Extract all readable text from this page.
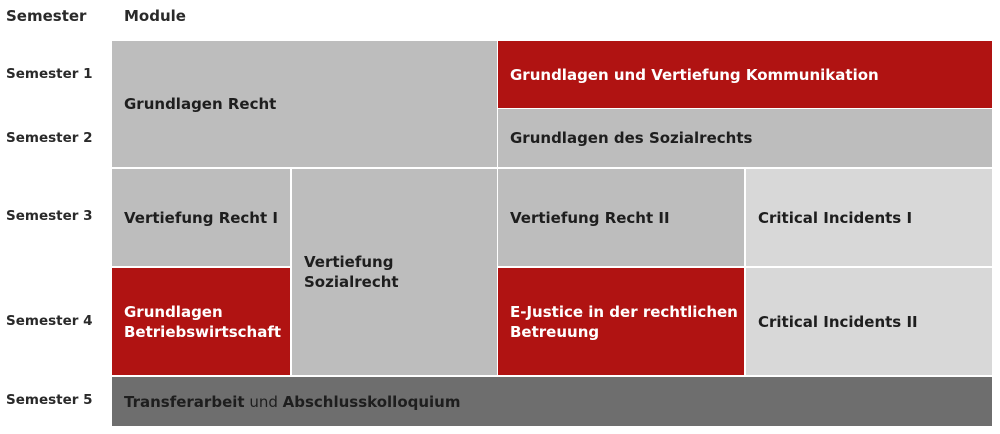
Semester	Module
Semester 1
Semester 2
Semester 3
Semester 4
Semester 5
Grundlagen Recht
Grundlagen und Vertiefung Kommunikation
Grundlagen des Sozialrechts
Vertiefung Recht I
Vertiefung
Sozialrecht
Vertiefung Recht II	Critical Incidents I
Grundlagen
Betriebswirtschaft
E-Justice in der rechtlichen
Betreuung
Critical Incidents II
Transferarbeit und Abschlusskolloquium
